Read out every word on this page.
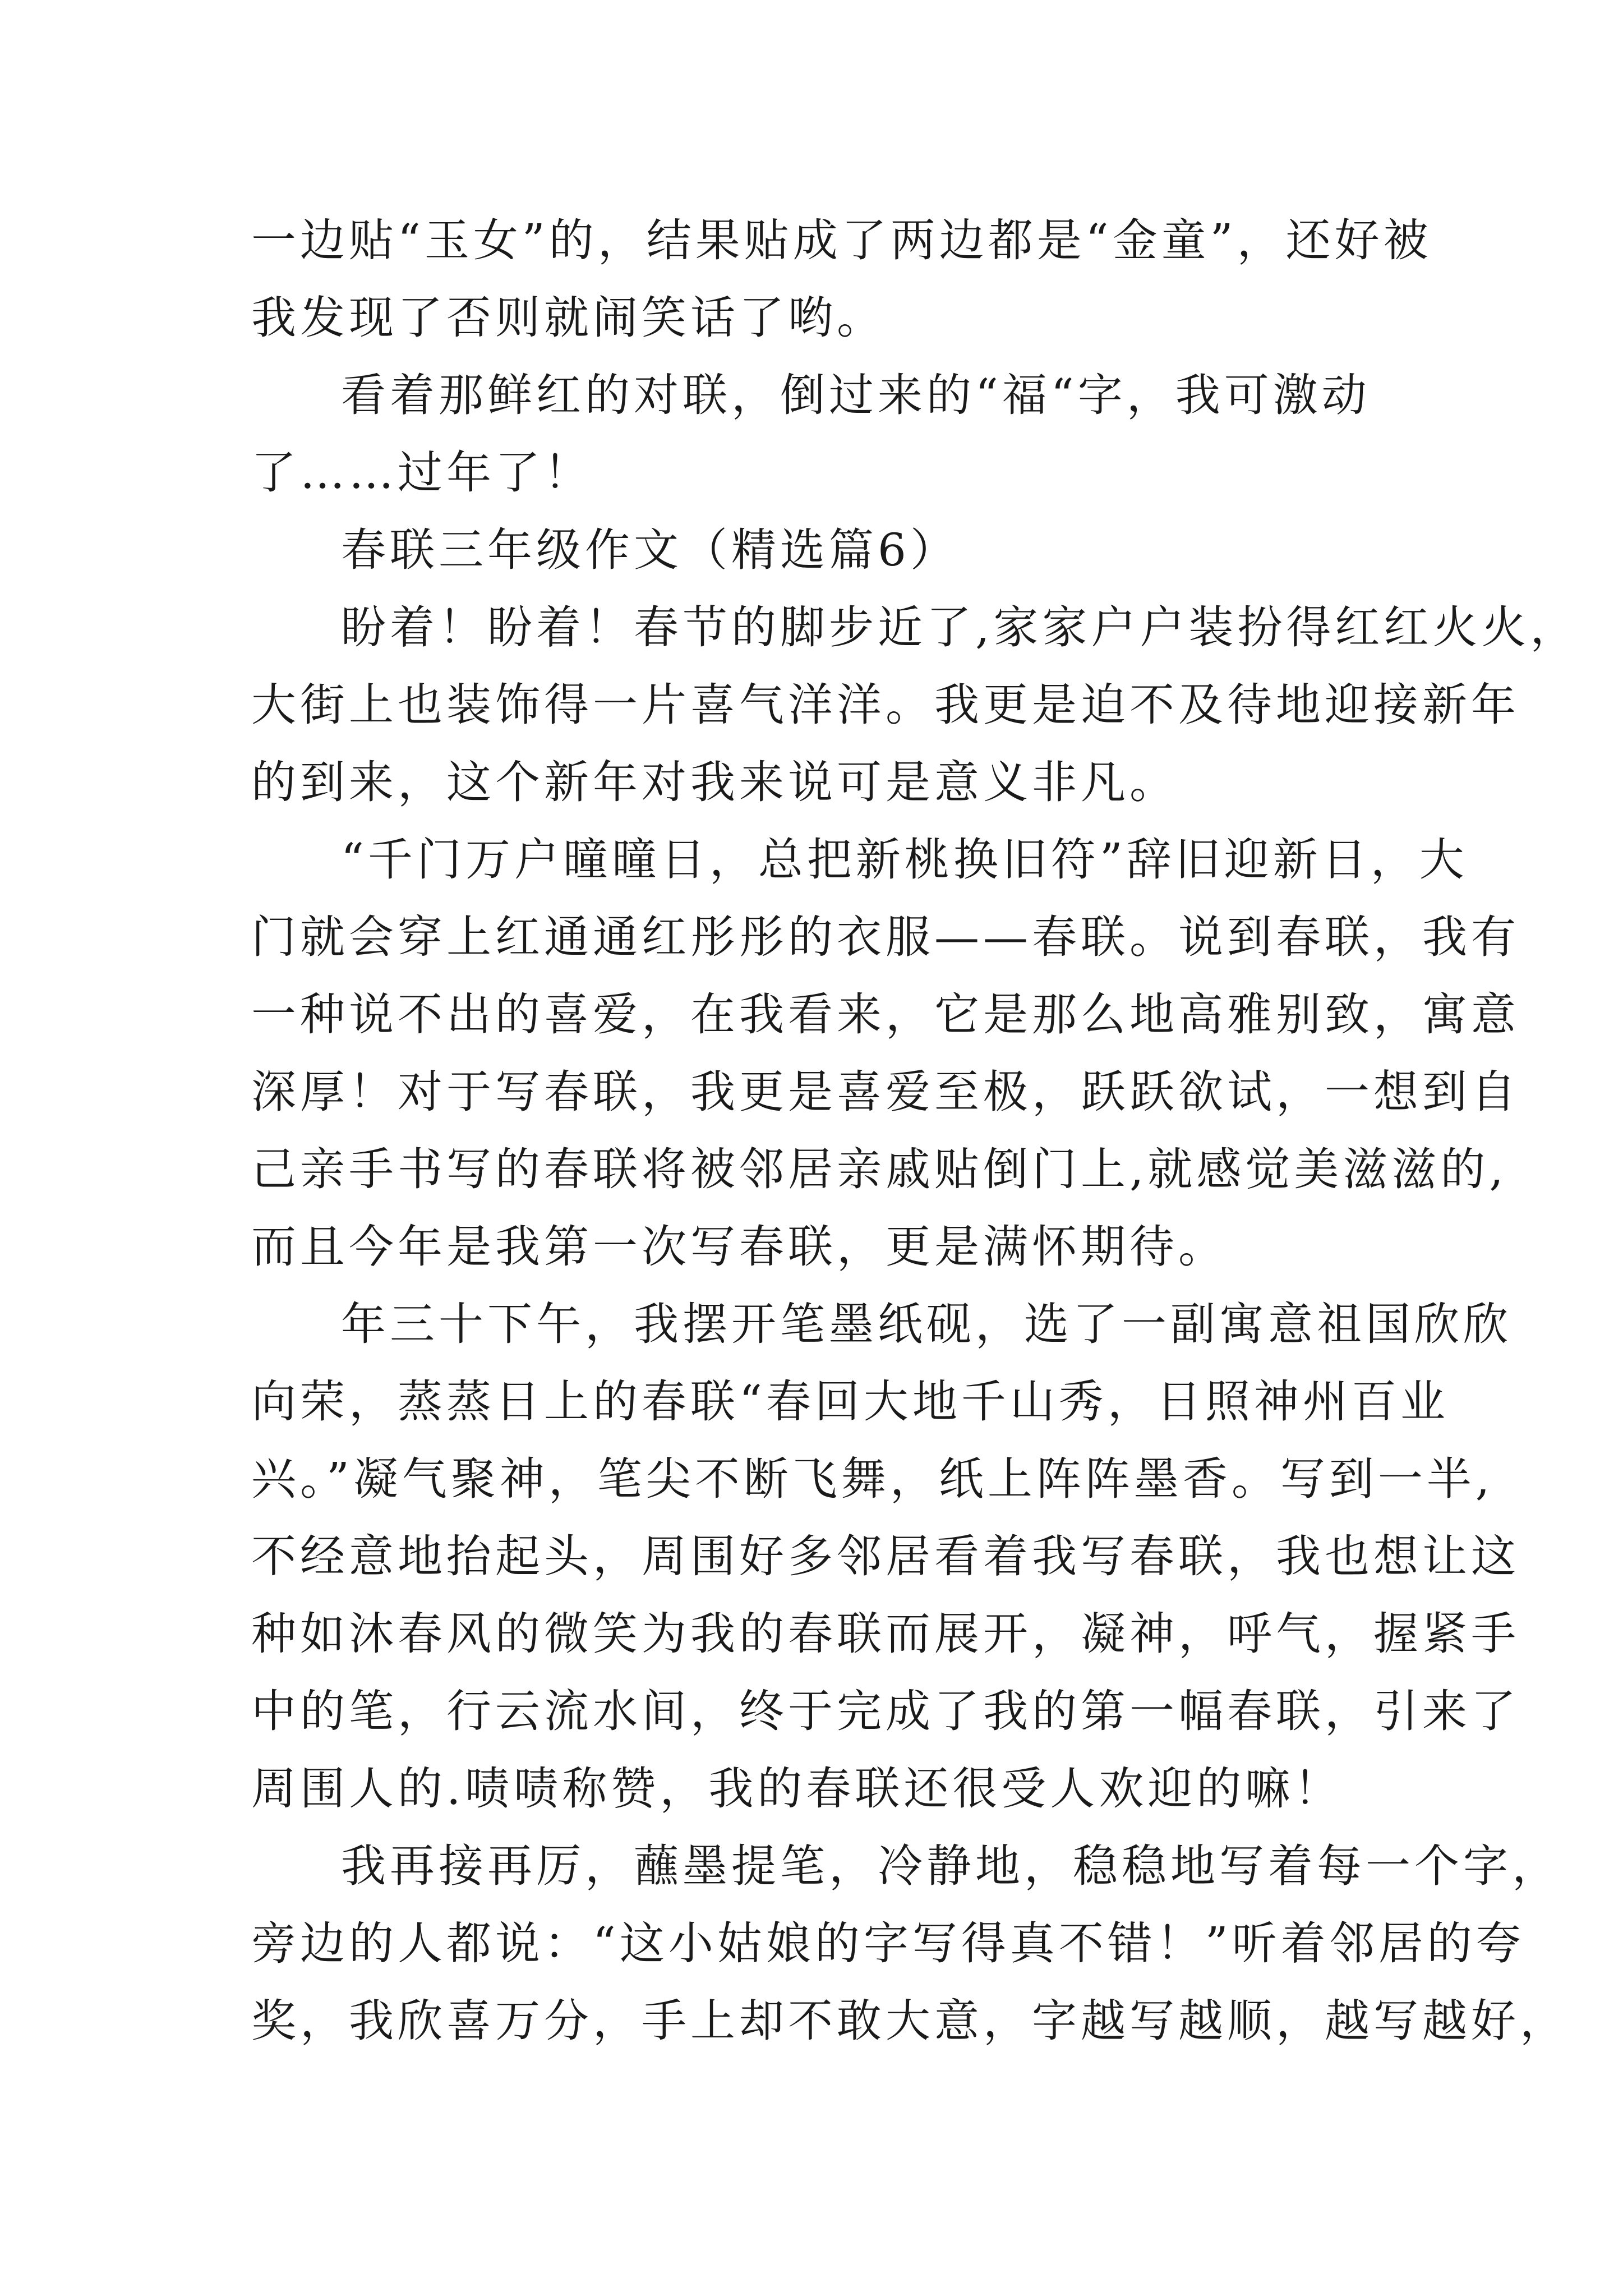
一边贴“玉女”的，结果贴成了两边都是“金童”，还好被
我发现了否则就闹笑话了哟。
看着那鲜红的对联，倒过来的“福“字，我可激动
了……过年了！
春联三年级作文（精选篇6）
盼着！盼着！春节的脚步近了,家家户户装扮得红红火火，
大街上也装饰得一片喜气洋洋。我更是迫不及待地迎接新年
的到来，这个新年对我来说可是意义非凡。
“千门万户曈曈日，总把新桃换旧符”辞旧迎新日，大
门就会穿上红通通红彤彤的衣服——春联。说到春联，我有
一种说不出的喜爱，在我看来，它是那么地高雅别致，寓意
深厚！对于写春联，我更是喜爱至极，跃跃欲试，一想到自
己亲手书写的春联将被邻居亲戚贴倒门上,就感觉美滋滋的,
而且今年是我第一次写春联，更是满怀期待。
年三十下午，我摆开笔墨纸砚，选了一副寓意祖国欣欣
向荣，蒸蒸日上的春联“春回大地千山秀，日照神州百业
兴。”凝气聚神，笔尖不断飞舞，纸上阵阵墨香。写到一半,
不经意地抬起头，周围好多邻居看着我写春联，我也想让这
种如沐春风的微笑为我的春联而展开，凝神，呼气，握紧手
中的笔，行云流水间，终于完成了我的第一幅春联，引来了
周围人的.啧啧称赞，我的春联还很受人欢迎的嘛！
我再接再厉，蘸墨提笔，冷静地，稳稳地写着每一个字，
旁边的人都说：“这小姑娘的字写得真不错！”听着邻居的夸
奖，我欣喜万分，手上却不敢大意，字越写越顺，越写越好，
